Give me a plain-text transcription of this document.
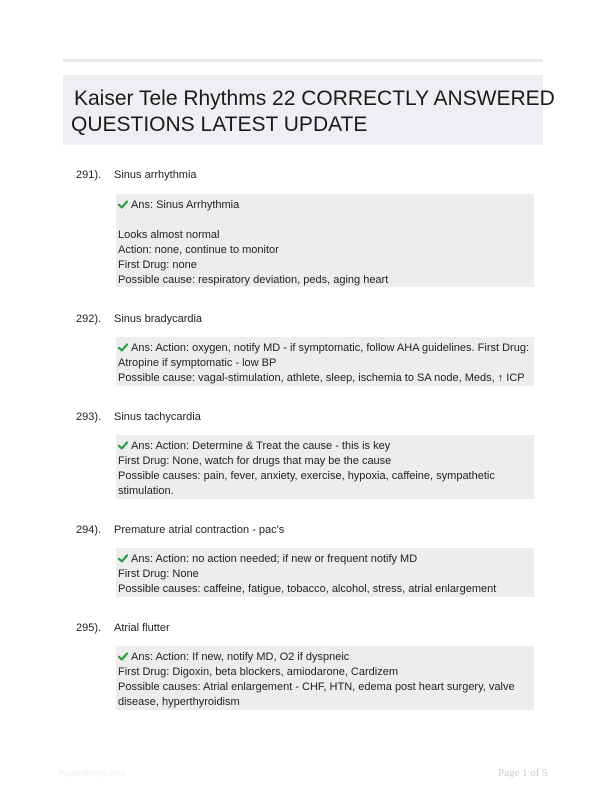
Kaiser Tele Rhythms 22 CORRECTLY ANSWERED
QUESTIONS LATEST UPDATE
291). Sinus arrhythmia
Ans: Sinus Arrhythmia
Looks almost normal
Action: none, continue to monitor
First Drug: none
Possible cause: respiratory deviation, peds, aging heart
292). Sinus bradycardia
Ans: Action: oxygen, notify MD - if symptomatic, follow AHA guidelines. First Drug:
Atropine if symptomatic - low BP
Possible cause: vagal-stimulation, athlete, sleep, ischemia to SA node, Meds, ↑ ICP
293). Sinus tachycardia
Ans: Action: Determine & Treat the cause - this is key
First Drug: None, watch for drugs that may be the cause
Possible causes: pain, fever, anxiety, exercise, hypoxia, caffeine, sympathetic
stimulation.
294). Premature atrial contraction - pac's
Ans: Action: no action needed; if new or frequent notify MD
First Drug: None
Possible causes: caffeine, fatigue, tobacco, alcohol, stress, atrial enlargement
295). Atrial flutter
Ans: Action: If new, notify MD, O2 if dyspneic
First Drug: Digoxin, beta blockers, amiodarone, Cardizem
Possible causes: Atrial enlargement - CHF, HTN, edema post heart surgery, valve
disease, hyperthyroidism
Paperlibrary.com	Page 1 of 5
